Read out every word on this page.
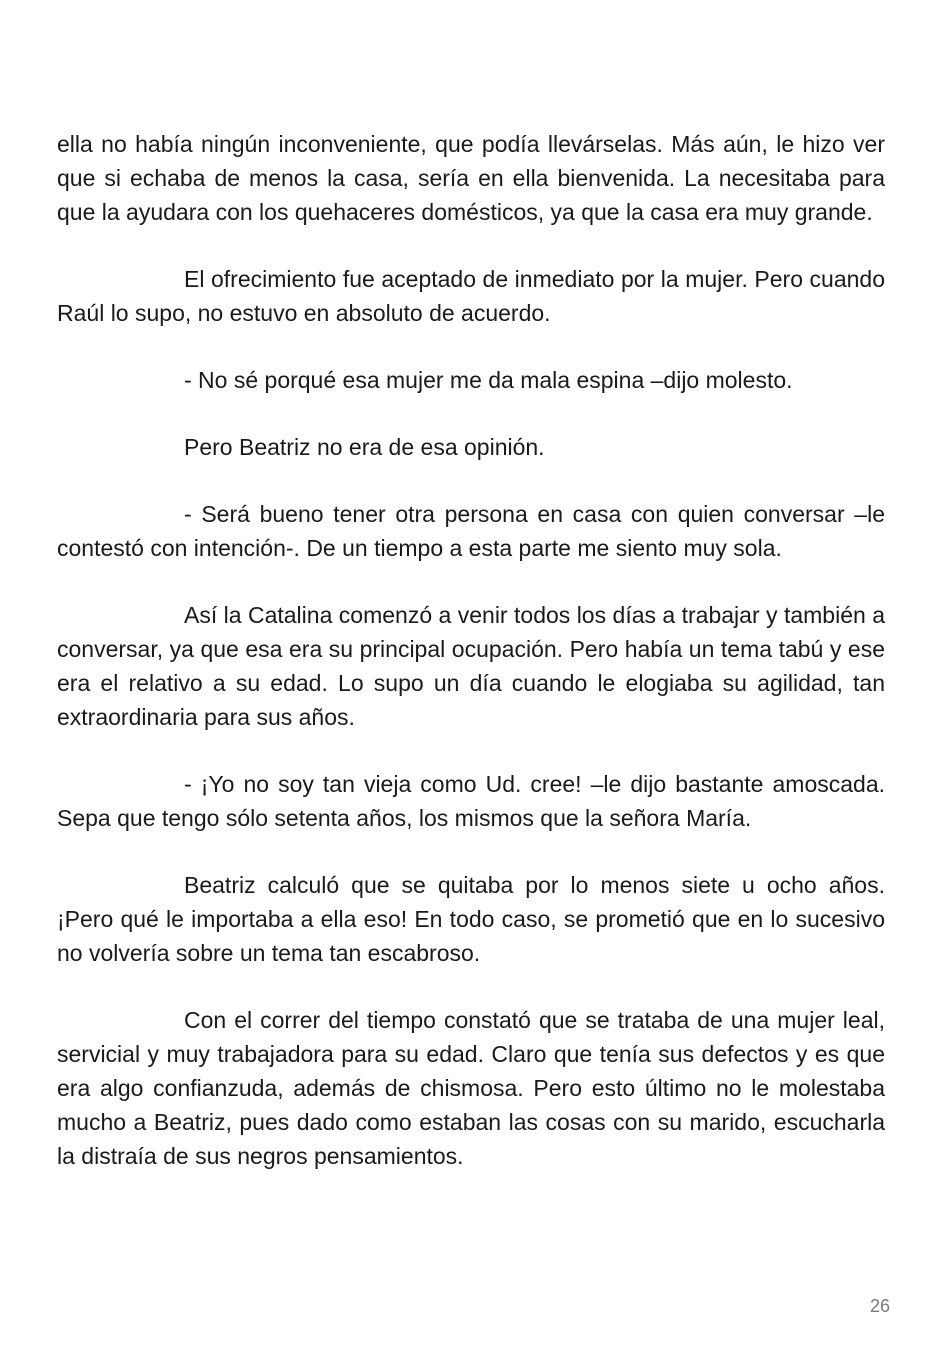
ella no había ningún inconveniente, que podía llevárselas. Más aún, le hizo ver que si echaba de menos la casa, sería en ella bienvenida. La necesitaba para que la ayudara con los quehaceres domésticos, ya que la casa era muy grande.

El ofrecimiento fue aceptado de inmediato por la mujer. Pero cuando Raúl lo supo, no estuvo en absoluto de acuerdo.

- No sé porqué esa mujer me da mala espina –dijo molesto.

Pero Beatriz no era de esa opinión.

- Será bueno tener otra persona en casa con quien conversar –le contestó con intención-. De un tiempo a esta parte me siento muy sola.

Así la Catalina comenzó a venir todos los días a trabajar y también a conversar, ya que esa era su principal ocupación. Pero había un tema tabú y ese era el relativo a su edad. Lo supo un día cuando le elogiaba su agilidad, tan extraordinaria para sus años.

- ¡Yo no soy tan vieja como Ud. cree! –le dijo bastante amoscada. Sepa que tengo sólo setenta años, los mismos que la señora María.

Beatriz calculó que se quitaba por lo menos siete u ocho años. ¡Pero qué le importaba a ella eso! En todo caso, se prometió que en lo sucesivo no volvería sobre un tema tan escabroso.

Con el correr del tiempo constató que se trataba de una mujer leal, servicial y muy trabajadora para su edad. Claro que tenía sus defectos y es que era algo confianzuda, además de chismosa. Pero esto último no le molestaba mucho a Beatriz, pues dado como estaban las cosas con su marido, escucharla la distraía de sus negros pensamientos.

26
